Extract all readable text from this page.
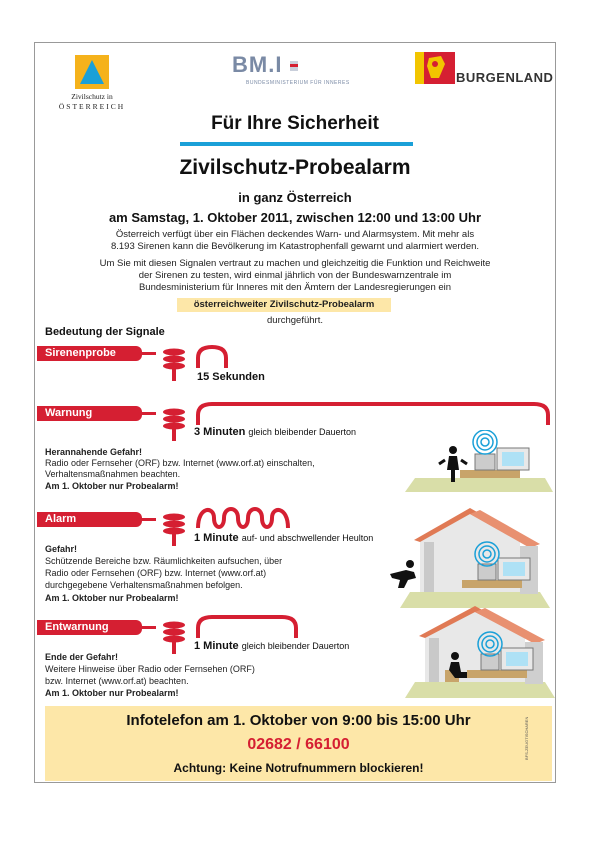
Zivilschutz in
ÖSTERREICH
BM.I
BUNDESMINISTERIUM FÜR INNERES	BURGENLAND
Für Ihre Sicherheit
Zivilschutz-Probealarm
in ganz Österreich
am Samstag, 1. Oktober 2011, zwischen 12:00 und 13:00 Uhr
Österreich verfügt über ein Flächen deckendes Warn- und Alarmsystem. Mit mehr als
8.193 Sirenen kann die Bevölkerung im Katastrophenfall gewarnt und alarmiert werden.
Um Sie mit diesen Signalen vertraut zu machen und gleichzeitig die Funktion und Reichweite
der Sirenen zu testen, wird einmal jährlich von der Bundeswarnzentrale im
Bundesministerium für Inneres mit den Ämtern der Landesregierungen ein
österreichweiter Zivilschutz-Probealarm
durchgeführt.
Bedeutung der Signale
Sirenenprobe
15 Sekunden
Warnung
3 Minuten gleich bleibender Dauerton
Herannahende Gefahr!
Radio oder Fernseher (ORF) bzw. Internet (www.orf.at) einschalten,
Verhaltensmaßnahmen beachten.
Am 1. Oktober nur Probealarm!
Alarm
1 Minute auf- und abschwellender Heulton
Gefahr!
Schützende Bereiche bzw. Räumlichkeiten aufsuchen, über
Radio oder Fernsehen (ORF) bzw. Internet (www.orf.at)
durchgegebene Verhaltensmaßnahmen befolgen.
Am 1. Oktober nur Probealarm!
Entwarnung
1 Minute gleich bleibender Dauerton
Ende der Gefahr!
Weitere Hinweise über Radio oder Fernsehen (ORF)
bzw. Internet (www.orf.at) beachten.
Am 1. Oktober nur Probealarm!
Infotelefon am 1. Oktober von 9:00 bis 15:00 Uhr
02682 / 66100
Achtung: Keine Notrufnummern blockieren!
BFS-ZEUGTISCHAREN
